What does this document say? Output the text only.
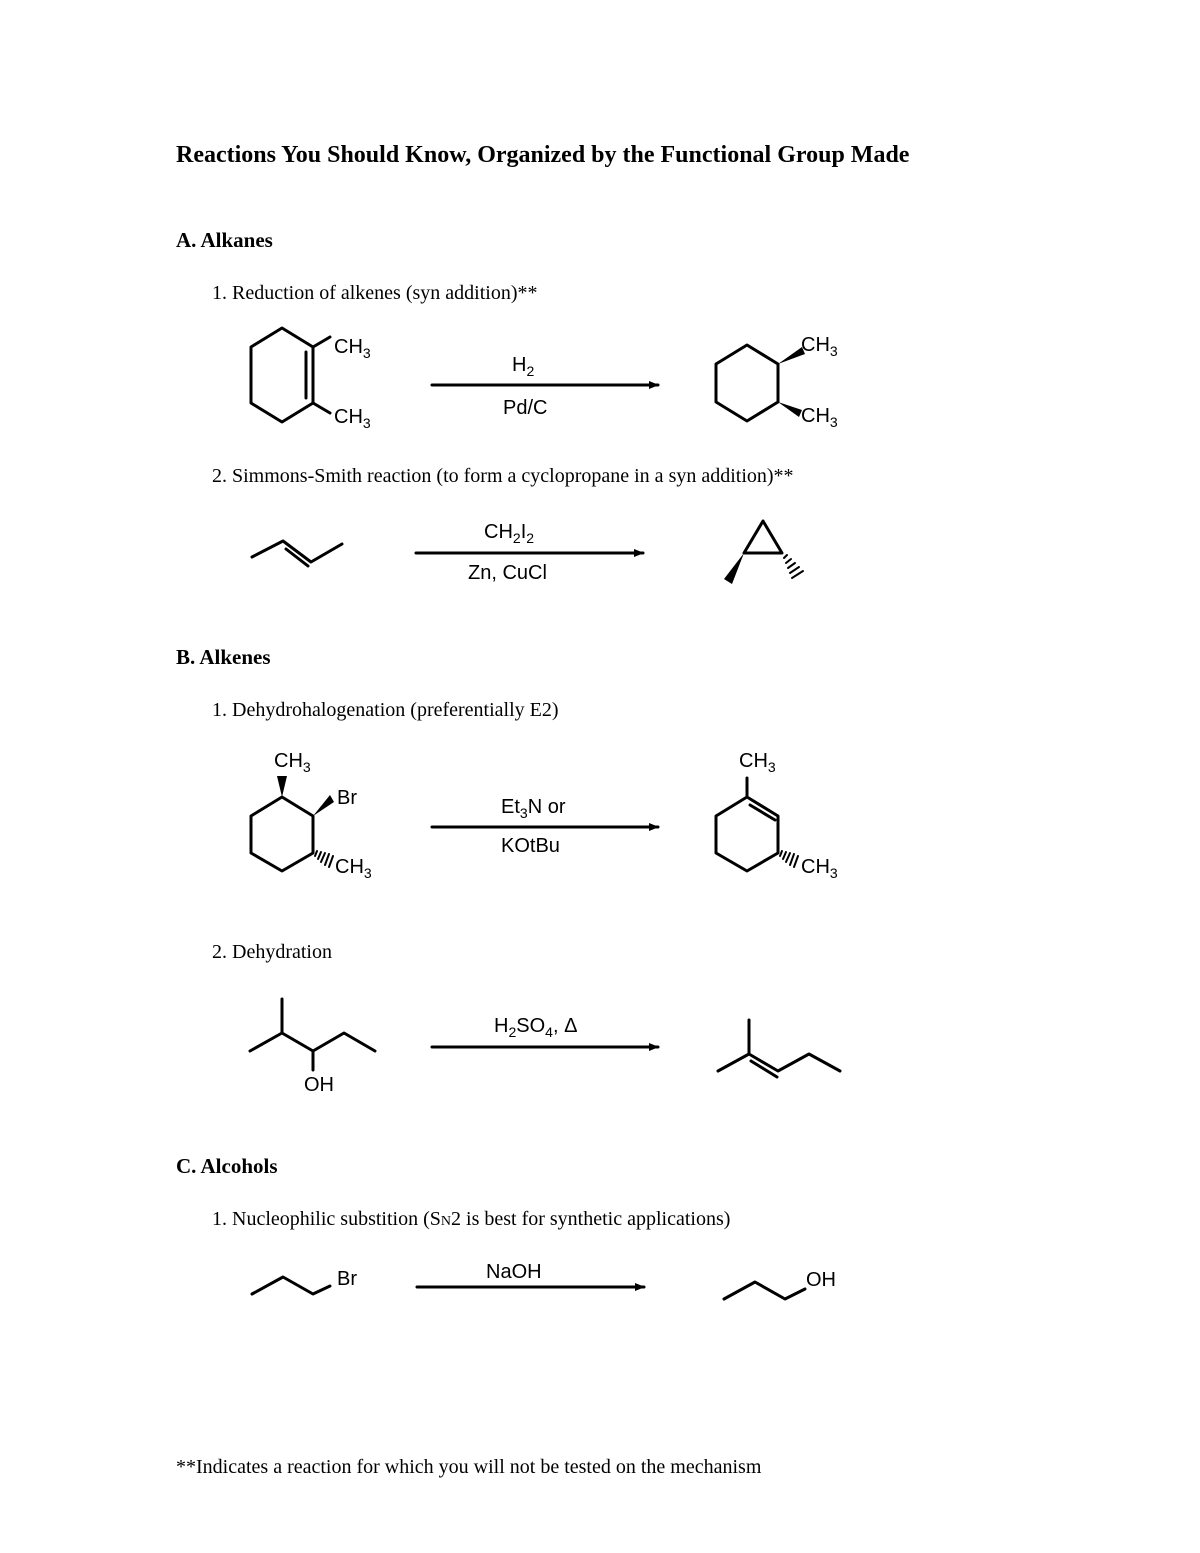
Reactions You Should Know, Organized by the Functional Group Made
A. Alkanes
1. Reduction of alkenes (syn addition)**
2. Simmons-Smith reaction (to form a cyclopropane in a syn addition)**
B. Alkenes
1. Dehydrohalogenation (preferentially E2)
2. Dehydration
C. Alcohols
1. Nucleophilic substition (SN2 is best for synthetic applications)
**Indicates a reaction for which you will not be tested on the mechanism
$CH_3$
$CH_3$
$H_2$
Pd/C
$CH_3$
$CH_3$
$CH_2I_2$
Zn, CuCl
$CH_3$
Br
$CH_3$
$Et_3N$ or
KOtBu
$CH_3$
$CH_3$
OH
$H_2SO_4$, Δ
Br	NaOH	OH
